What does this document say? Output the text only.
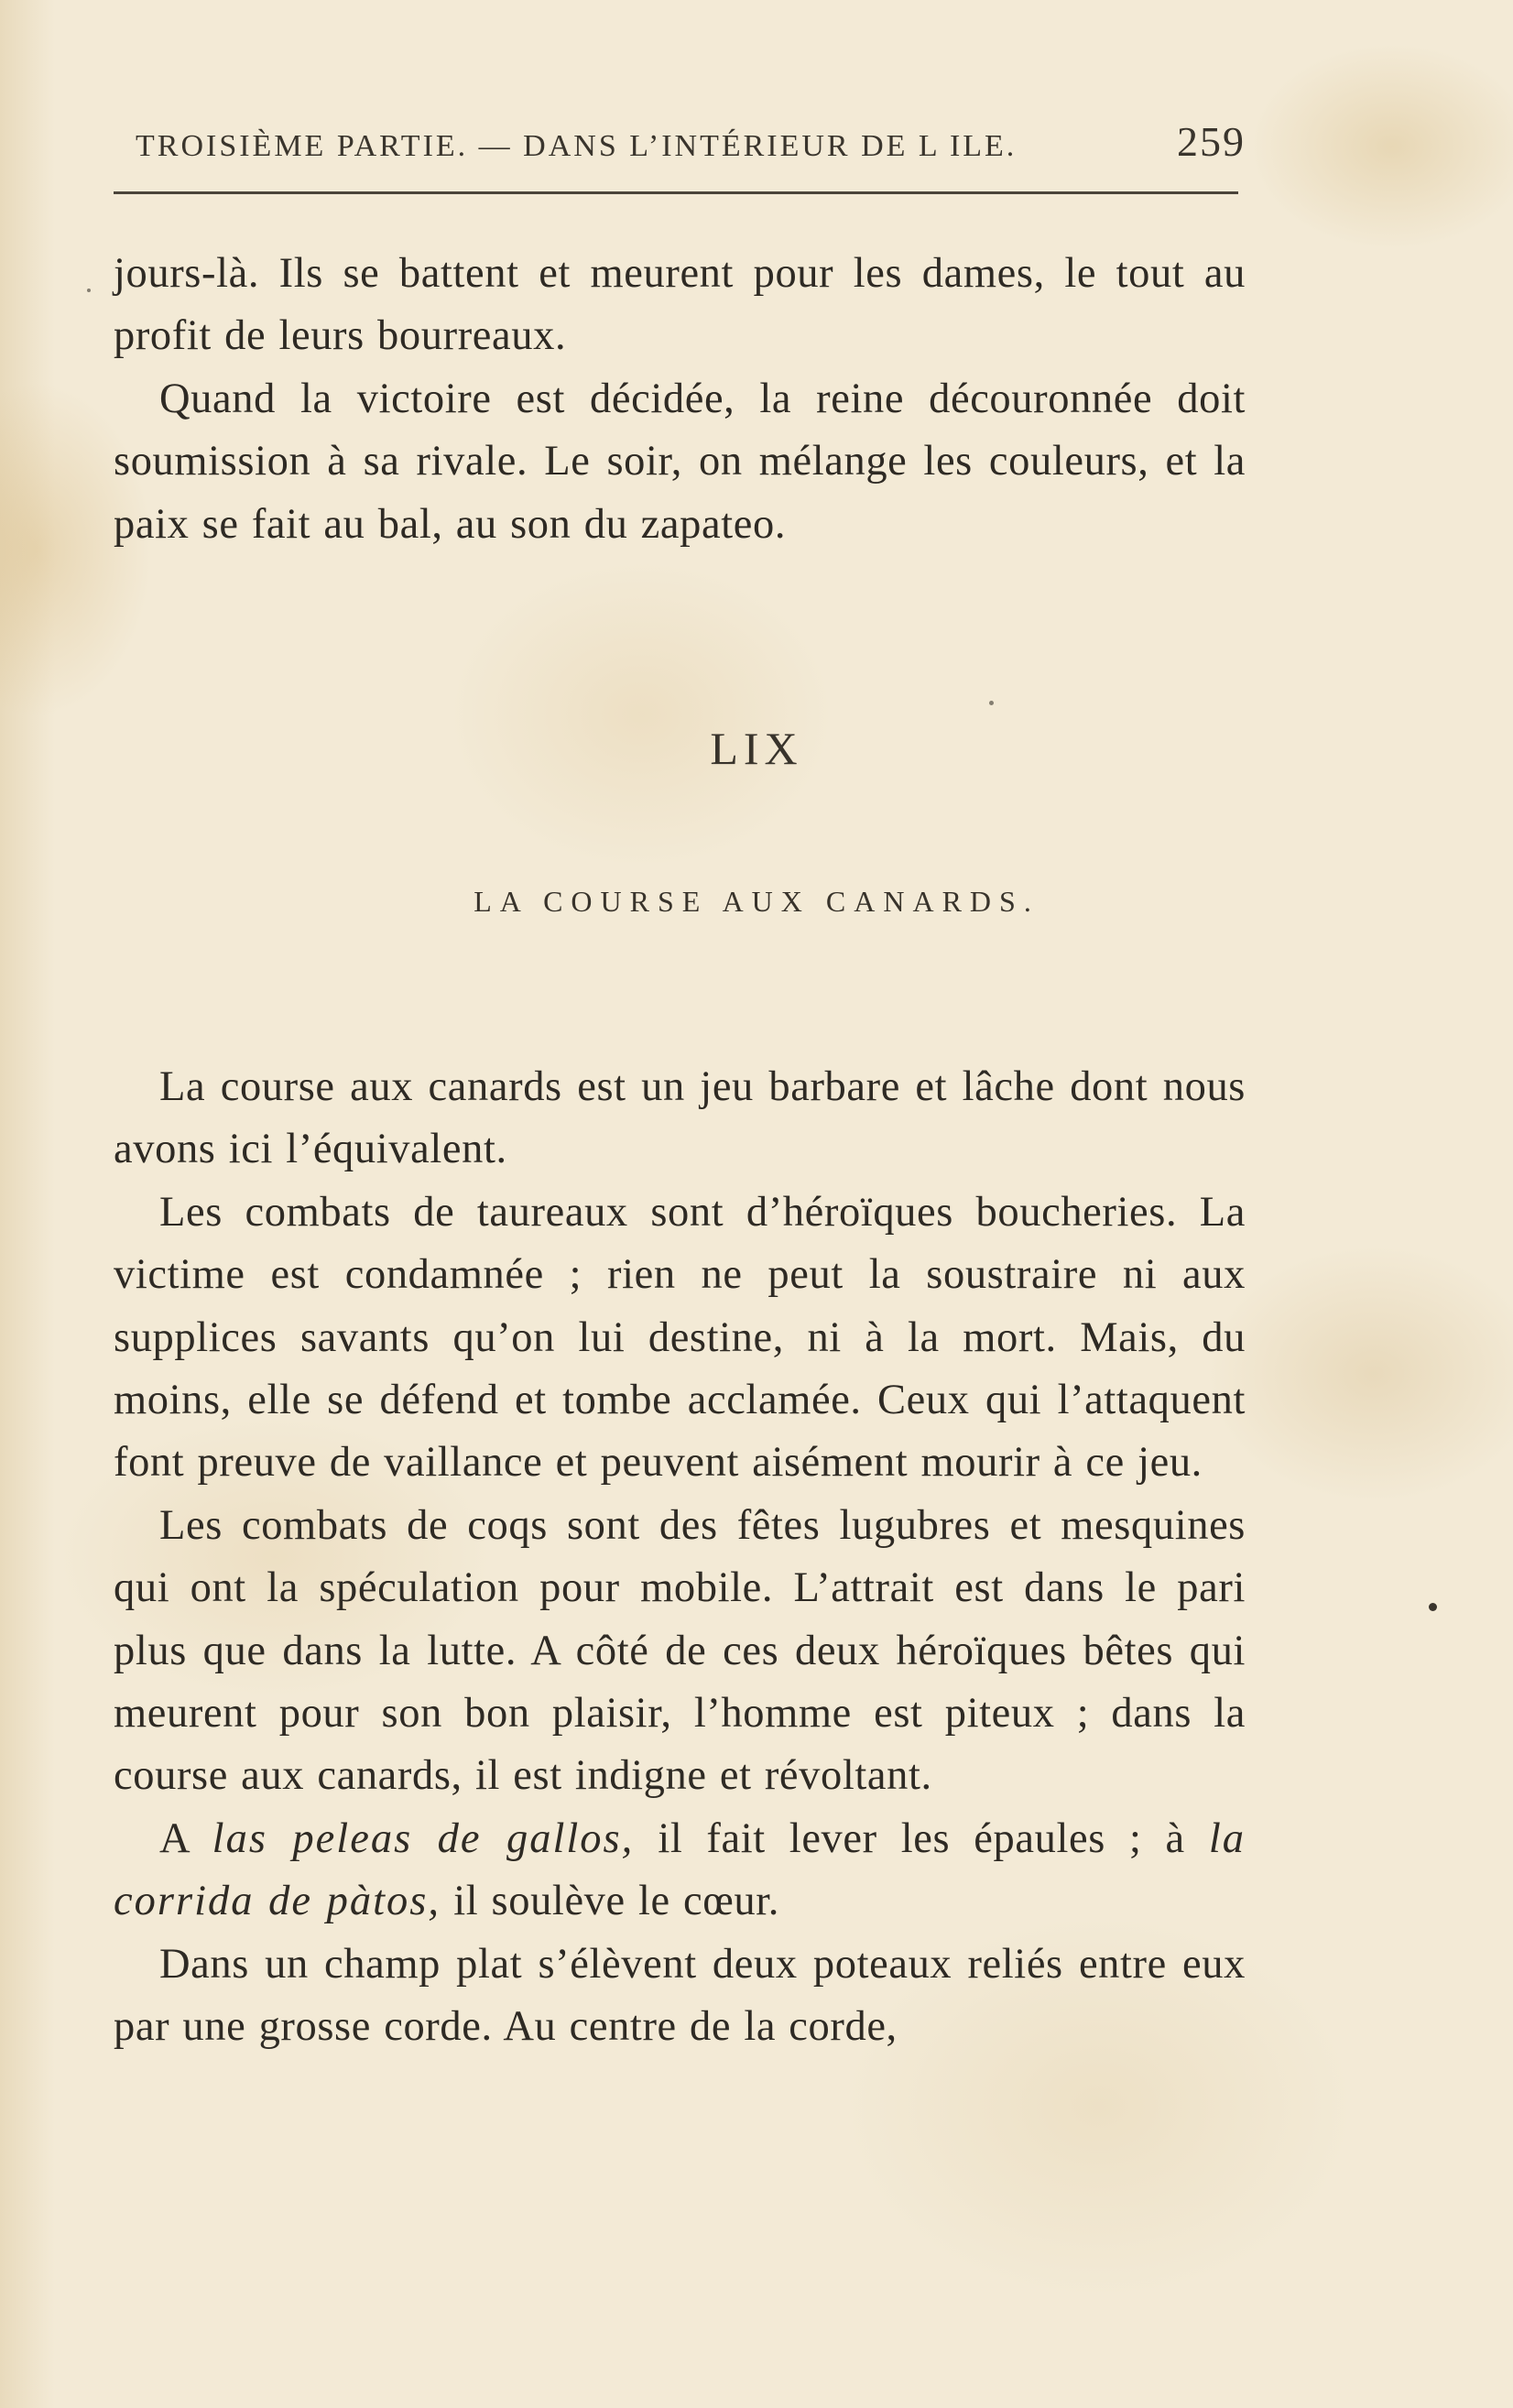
TROISIÈME PARTIE. — DANS L’INTÉRIEUR DE L ILE.	259

jours-là. Ils se battent et meurent pour les dames, le tout au profit de leurs bourreaux.

Quand la victoire est décidée, la reine découronnée doit soumission à sa rivale. Le soir, on mélange les couleurs, et la paix se fait au bal, au son du zapateo.

LIX
LA COURSE AUX CANARDS.

La course aux canards est un jeu barbare et lâche dont nous avons ici l’équivalent.

Les combats de taureaux sont d’héroïques boucheries. La victime est condamnée ; rien ne peut la soustraire ni aux supplices savants qu’on lui destine, ni à la mort. Mais, du moins, elle se défend et tombe acclamée. Ceux qui l’attaquent font preuve de vaillance et peuvent aisément mourir à ce jeu.

Les combats de coqs sont des fêtes lugubres et mesquines qui ont la spéculation pour mobile. L’attrait est dans le pari plus que dans la lutte. A côté de ces deux héroïques bêtes qui meurent pour son bon plaisir, l’homme est piteux ; dans la course aux canards, il est indigne et révoltant.

A las peleas de gallos, il fait lever les épaules ; à la corrida de pàtos, il soulève le cœur.

Dans un champ plat s’élèvent deux poteaux reliés entre eux par une grosse corde. Au centre de la corde,
